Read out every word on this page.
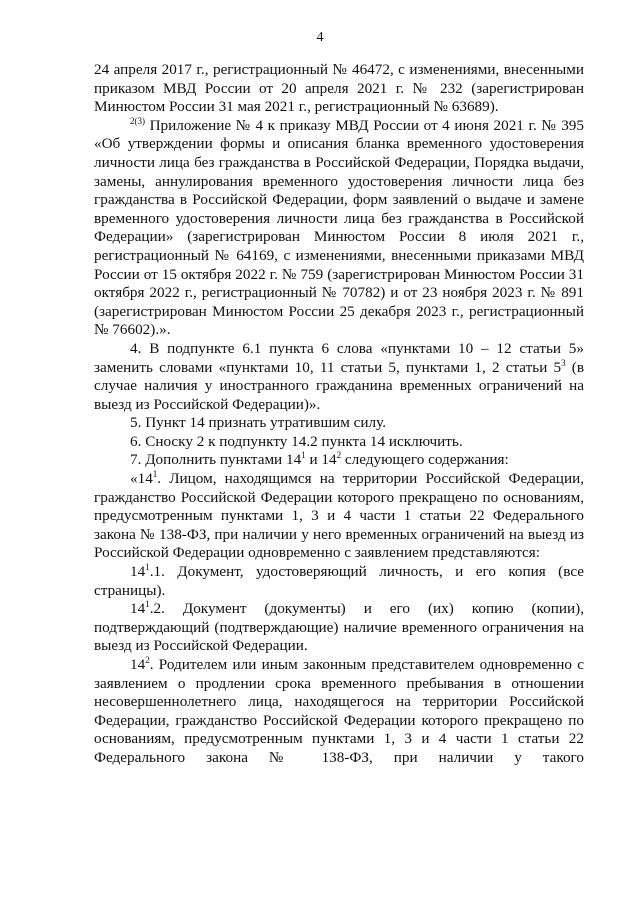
4

24 апреля 2017 г., регистрационный № 46472, с изменениями, внесенными приказом МВД России от 20 апреля 2021 г. № 232 (зарегистрирован Минюстом России 31 мая 2021 г., регистрационный № 63689).

$^{2(3)}$ Приложение № 4 к приказу МВД России от 4 июня 2021 г. № 395 «Об утверждении формы и описания бланка временного удостоверения личности лица без гражданства в Российской Федерации, Порядка выдачи, замены, аннулирования временного удостоверения личности лица без гражданства в Российской Федерации, форм заявлений о выдаче и замене временного удостоверения личности лица без гражданства в Российской Федерации» (зарегистрирован Минюстом России 8 июля 2021 г., регистрационный № 64169, с изменениями, внесенными приказами МВД России от 15 октября 2022 г. № 759 (зарегистрирован Минюстом России 31 октября 2022 г., регистрационный № 70782) и от 23 ноября 2023 г. № 891 (зарегистрирован Минюстом России 25 декабря 2023 г., регистрационный № 76602).».

4. В подпункте 6.1 пункта 6 слова «пунктами 10 – 12 статьи 5» заменить словами «пунктами 10, 11 статьи 5, пунктами 1, 2 статьи $5^3$ (в случае наличия у иностранного гражданина временных ограничений на выезд из Российской Федерации)».

5. Пункт 14 признать утратившим силу.

6. Сноску 2 к подпункту 14.2 пункта 14 исключить.

7. Дополнить пунктами $14^1$ и $14^2$ следующего содержания:

«$14^1$. Лицом, находящимся на территории Российской Федерации, гражданство Российской Федерации которого прекращено по основаниям, предусмотренным пунктами 1, 3 и 4 части 1 статьи 22 Федерального закона № 138-ФЗ, при наличии у него временных ограничений на выезд из Российской Федерации одновременно с заявлением представляются:

$14^1.1$. Документ, удостоверяющий личность, и его копия (все страницы).

$14^1.2$. Документ (документы) и его (их) копию (копии), подтверждающий (подтверждающие) наличие временного ограничения на выезд из Российской Федерации.

$14^2$. Родителем или иным законным представителем одновременно с заявлением о продлении срока временного пребывания в отношении несовершеннолетнего лица, находящегося на территории Российской Федерации, гражданство Российской Федерации которого прекращено по основаниям, предусмотренным пунктами 1, 3 и 4 части 1 статьи 22 Федерального закона № 138-ФЗ, при наличии у такого
